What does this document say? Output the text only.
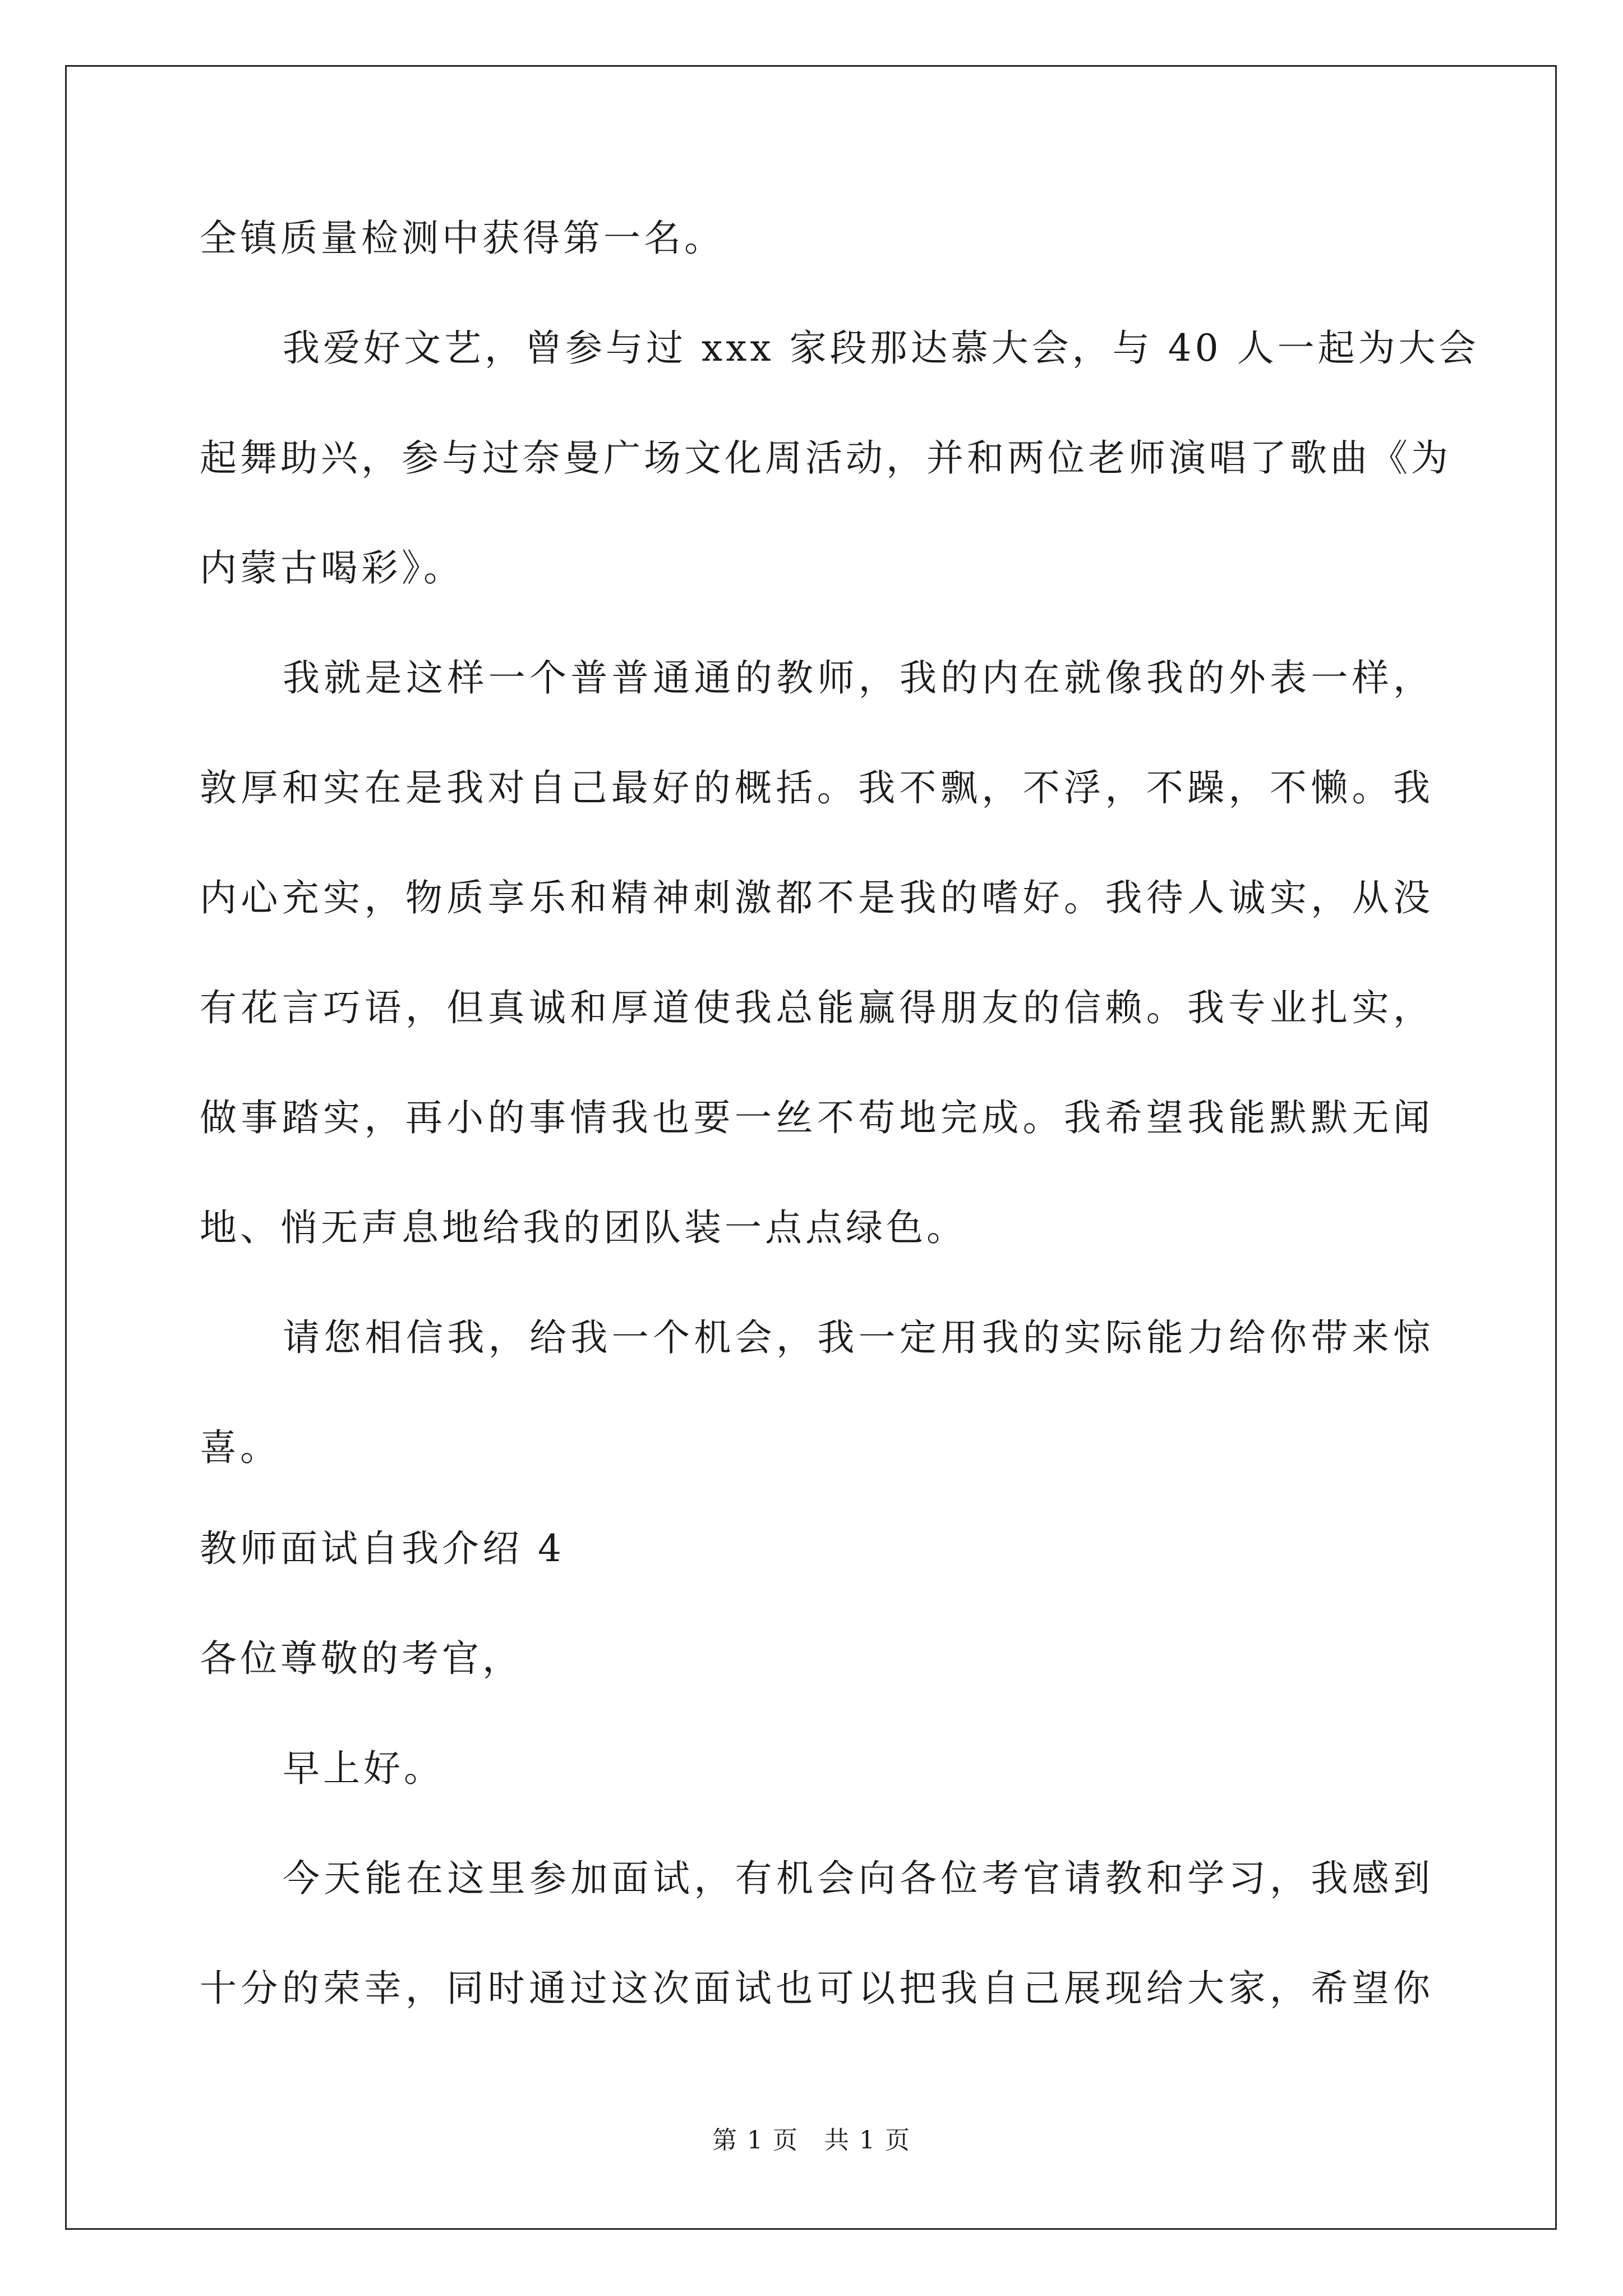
全镇质量检测中获得第一名。
我爱好文艺，曾参与过 xxx 家段那达慕大会，与 40 人一起为大会
起舞助兴，参与过奈曼广场文化周活动，并和两位老师演唱了歌曲《为
内蒙古喝彩》。
我就是这样一个普普通通的教师，我的内在就像我的外表一样，
敦厚和实在是我对自己最好的概括。我不飘，不浮，不躁，不懒。我
内心充实，物质享乐和精神刺激都不是我的嗜好。我待人诚实，从没
有花言巧语，但真诚和厚道使我总能赢得朋友的信赖。我专业扎实，
做事踏实，再小的事情我也要一丝不苟地完成。我希望我能默默无闻
地、悄无声息地给我的团队装一点点绿色。
请您相信我，给我一个机会，我一定用我的实际能力给你带来惊
喜。
教师面试自我介绍 4
各位尊敬的考官，
早上好。
今天能在这里参加面试，有机会向各位考官请教和学习，我感到
十分的荣幸，同时通过这次面试也可以把我自己展现给大家，希望你
第 1 页　共 1 页
